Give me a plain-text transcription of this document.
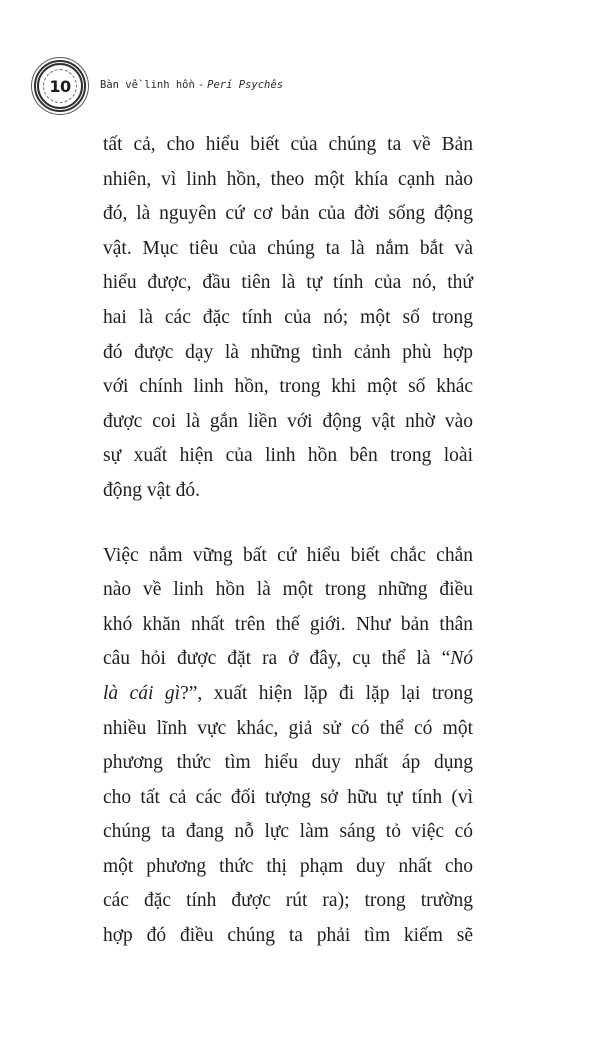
10	Bàn về linh hồn - Perí Psychês

tất cả, cho hiểu biết của chúng ta về Bản
nhiên, vì linh hồn, theo một khía cạnh nào
đó, là nguyên cứ cơ bản của đời sống động
vật. Mục tiêu của chúng ta là nắm bắt và
hiểu được, đầu tiên là tự tính của nó, thứ
hai là các đặc tính của nó; một số trong
đó được dạy là những tình cảnh phù hợp
với chính linh hồn, trong khi một số khác
được coi là gắn liền với động vật nhờ vào
sự xuất hiện của linh hồn bên trong loài
động vật đó.

Việc nắm vững bất cứ hiểu biết chắc chắn
nào về linh hồn là một trong những điều
khó khăn nhất trên thế giới. Như bản thân
câu hỏi được đặt ra ở đây, cụ thể là “Nó
là cái gì?”, xuất hiện lặp đi lặp lại trong
nhiều lĩnh vực khác, giả sử có thể có một
phương thức tìm hiểu duy nhất áp dụng
cho tất cả các đối tượng sở hữu tự tính (vì
chúng ta đang nỗ lực làm sáng tỏ việc có
một phương thức thị phạm duy nhất cho
các đặc tính được rút ra); trong trường
hợp đó điều chúng ta phải tìm kiếm sẽ
